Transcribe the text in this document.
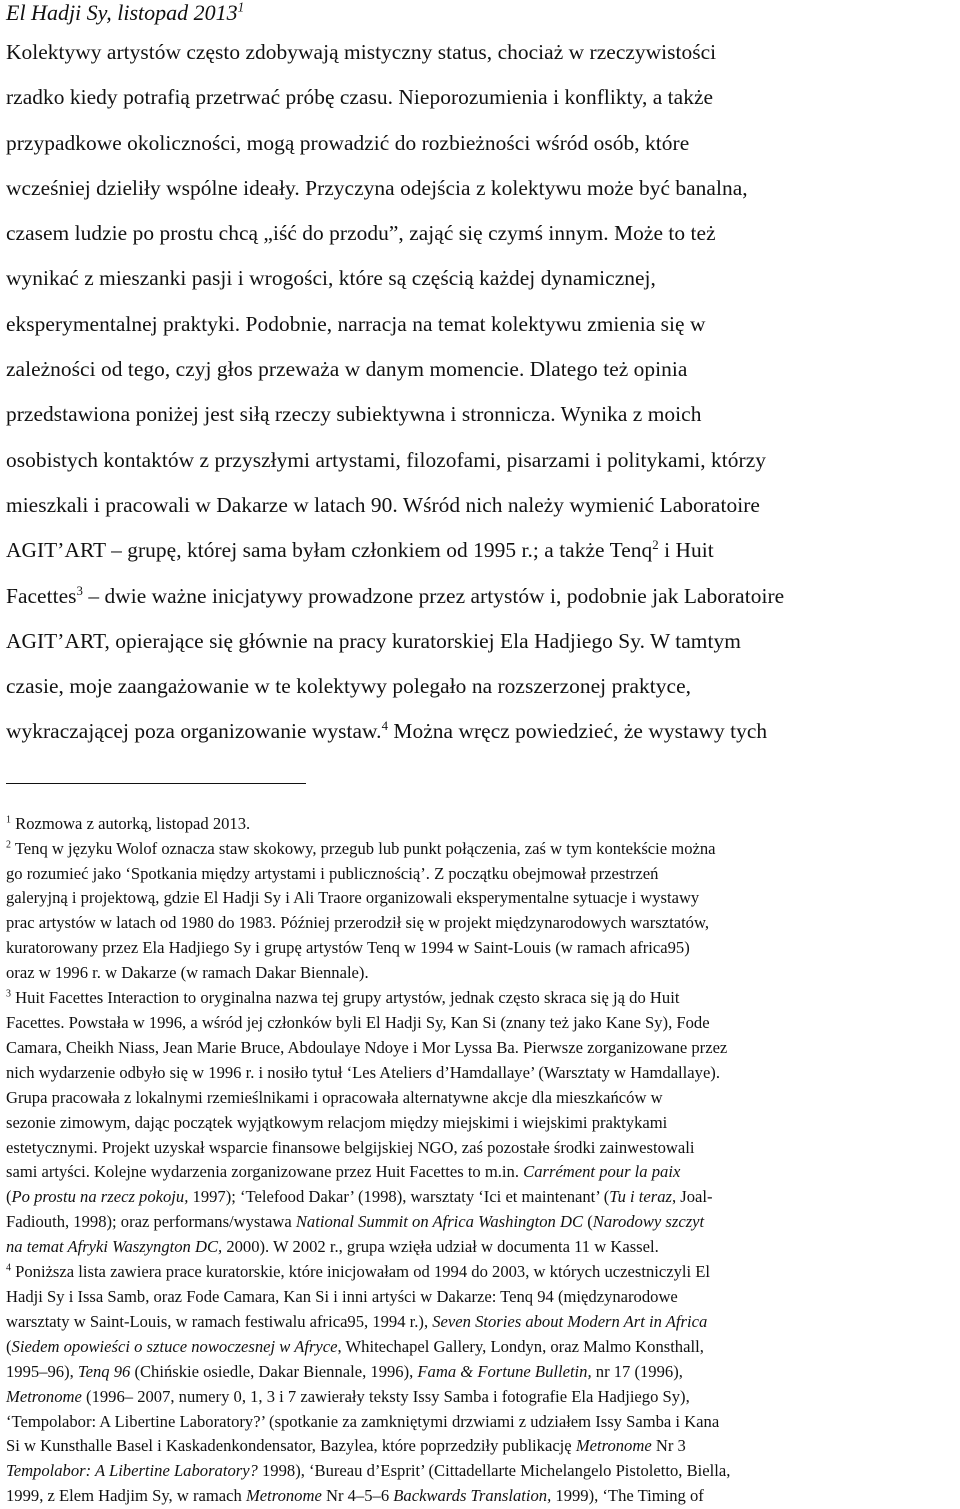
El Hadji Sy, listopad 2013$^1$

Kolektywy artystów często zdobywają mistyczny status, chociaż w rzeczywistości
rzadko kiedy potrafią przetrwać próbę czasu. Nieporozumienia i konflikty, a także
przypadkowe okoliczności, mogą prowadzić do rozbieżności wśród osób, które
wcześniej dzieliły wspólne ideały. Przyczyna odejścia z kolektywu może być banalna,
czasem ludzie po prostu chcą „iść do przodu”, zająć się czymś innym. Może to też
wynikać z mieszanki pasji i wrogości, które są częścią każdej dynamicznej,
eksperymentalnej praktyki. Podobnie, narracja na temat kolektywu zmienia się w
zależności od tego, czyj głos przeważa w danym momencie. Dlatego też opinia
przedstawiona poniżej jest siłą rzeczy subiektywna i stronnicza. Wynika z moich
osobistych kontaktów z przyszłymi artystami, filozofami, pisarzami i politykami, którzy
mieszkali i pracowali w Dakarze w latach 90. Wśród nich należy wymienić Laboratoire
AGIT’ART – grupę, której sama byłam członkiem od 1995 r.; a także Tenq$^2$ i Huit
Facettes$^3$ – dwie ważne inicjatywy prowadzone przez artystów i, podobnie jak Laboratoire
AGIT’ART, opierające się głównie na pracy kuratorskiej Ela Hadjiego Sy. W tamtym
czasie, moje zaangażowanie w te kolektywy polegało na rozszerzonej praktyce,
wykraczającej poza organizowanie wystaw.$^4$ Można wręcz powiedzieć, że wystawy tych
$^1$ Rozmowa z autorką, listopad 2013.
$^2$ Tenq w języku Wolof oznacza staw skokowy, przegub lub punkt połączenia, zaś w tym kontekście można
go rozumieć jako ‘Spotkania między artystami i publicznością’. Z początku obejmował przestrzeń
galeryjną i projektową, gdzie El Hadji Sy i Ali Traore organizowali eksperymentalne sytuacje i wystawy
prac artystów w latach od 1980 do 1983. Później przerodził się w projekt międzynarodowych warsztatów,
kuratorowany przez Ela Hadjiego Sy i grupę artystów Tenq w 1994 w Saint-Louis (w ramach africa95)
oraz w 1996 r. w Dakarze (w ramach Dakar Biennale).
$^3$ Huit Facettes Interaction to oryginalna nazwa tej grupy artystów, jednak często skraca się ją do Huit
Facettes. Powstała w 1996, a wśród jej członków byli El Hadji Sy, Kan Si (znany też jako Kane Sy), Fode
Camara, Cheikh Niass, Jean Marie Bruce, Abdoulaye Ndoye i Mor Lyssa Ba. Pierwsze zorganizowane przez
nich wydarzenie odbyło się w 1996 r. i nosiło tytuł ‘Les Ateliers d’Hamdallaye’ (Warsztaty w Hamdallaye).
Grupa pracowała z lokalnymi rzemieślnikami i opracowała alternatywne akcje dla mieszkańców w
sezonie zimowym, dając początek wyjątkowym relacjom między miejskimi i wiejskimi praktykami
estetycznymi. Projekt uzyskał wsparcie finansowe belgijskiej NGO, zaś pozostałe środki zainwestowali
sami artyści. Kolejne wydarzenia zorganizowane przez Huit Facettes to m.in. Carrément pour la paix
(Po prostu na rzecz pokoju, 1997); ‘Telefood Dakar’ (1998), warsztaty ‘Ici et maintenant’ (Tu i teraz, Joal-
Fadiouth, 1998); oraz performans/wystawa National Summit on Africa Washington DC (Narodowy szczyt
na temat Afryki Waszyngton DC, 2000). W 2002 r., grupa wzięła udział w documenta 11 w Kassel.
$^4$ Poniższa lista zawiera prace kuratorskie, które inicjowałam od 1994 do 2003, w których uczestniczyli El
Hadji Sy i Issa Samb, oraz Fode Camara, Kan Si i inni artyści w Dakarze: Tenq 94 (międzynarodowe
warsztaty w Saint-Louis, w ramach festiwalu africa95, 1994 r.), Seven Stories about Modern Art in Africa
(Siedem opowieści o sztuce nowoczesnej w Afryce, Whitechapel Gallery, Londyn, oraz Malmo Konsthall,
1995–96), Tenq 96 (Chińskie osiedle, Dakar Biennale, 1996), Fama & Fortune Bulletin, nr 17 (1996),
Metronome (1996– 2007, numery 0, 1, 3 i 7 zawierały teksty Issy Samba i fotografie Ela Hadjiego Sy),
‘Tempolabor: A Libertine Laboratory?’ (spotkanie za zamkniętymi drzwiami z udziałem Issy Samba i Kana
Si w Kunsthalle Basel i Kaskadenkondensator, Bazylea, które poprzedziły publikację Metronome Nr 3
Tempolabor: A Libertine Laboratory? 1998), ‘Bureau d’Esprit’ (Cittadellarte Michelangelo Pistoletto, Biella,
1999, z Elem Hadjim Sy, w ramach Metronome Nr 4–5–6 Backwards Translation, 1999), ‘The Timing of
